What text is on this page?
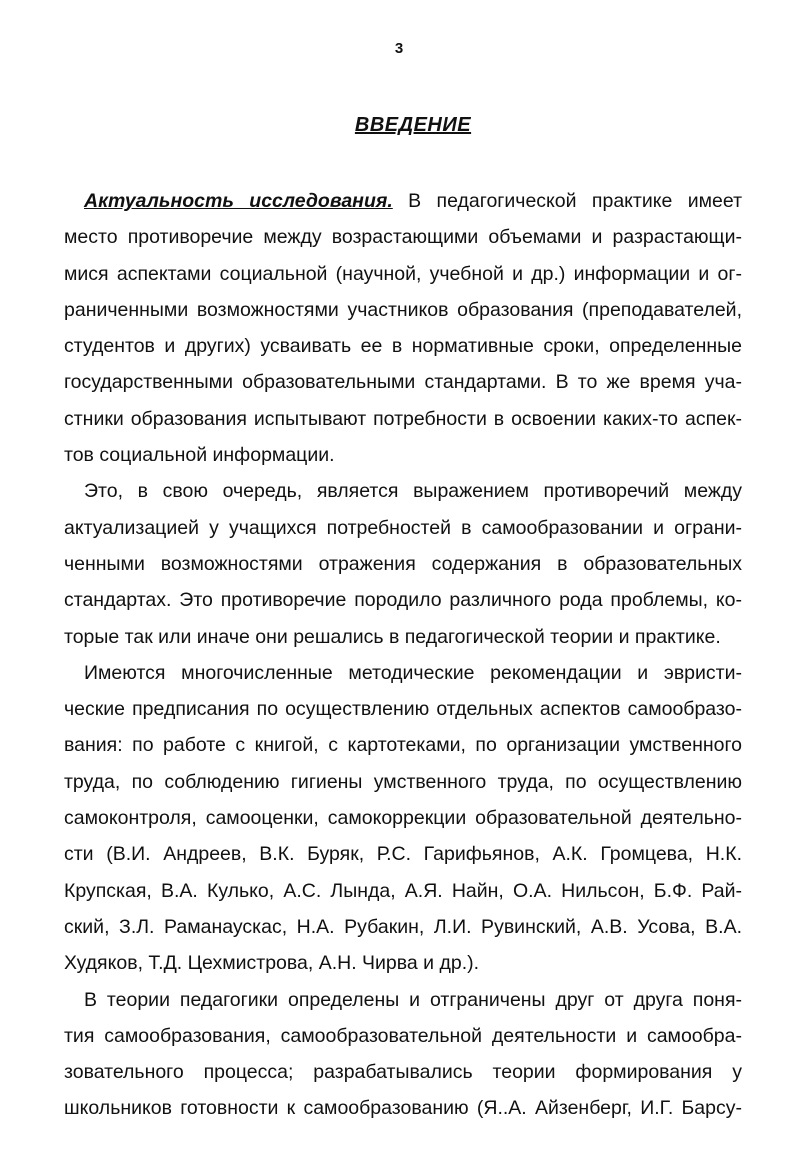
3
ВВЕДЕНИЕ
Актуальность исследования. В педагогической практике имеет
место противоречие между возрастающими объемами и разрастающи-
мися аспектами социальной (научной, учебной и др.) информации и ог-
раниченными возможностями участников образования (преподавателей,
студентов и других) усваивать ее в нормативные сроки, определенные
государственными образовательными стандартами. В то же время уча-
стники образования испытывают потребности в освоении каких-то аспек-
тов социальной информации.
Это, в свою очередь, является выражением противоречий между
актуализацией у учащихся потребностей в самообразовании и ограни-
ченными возможностями отражения содержания в образовательных
стандартах. Это противоречие породило различного рода проблемы, ко-
торые так или иначе они решались в педагогической теории и практике.
Имеются многочисленные методические рекомендации и эвристи-
ческие предписания по осуществлению отдельных аспектов самообразо-
вания: по работе с книгой, с картотеками, по организации умственного
труда, по соблюдению гигиены умственного труда, по осуществлению
самоконтроля, самооценки, самокоррекции образовательной деятельно-
сти (В.И. Андреев, В.К. Буряк, Р.С. Гарифьянов, А.К. Громцева, Н.К.
Крупская, В.А. Кулько, А.С. Лында, А.Я. Найн, О.А. Нильсон, Б.Ф. Рай-
ский, З.Л. Раманаускас, Н.А. Рубакин, Л.И. Рувинский, А.В. Усова, В.А.
Худяков, Т.Д. Цехмистрова, А.Н. Чирва и др.).
В теории педагогики определены и отграничены друг от друга поня-
тия самообразования, самообразовательной деятельности и самообра-
зовательного процесса; разрабатывались теории формирования у
школьников готовности к самообразованию (Я..А. Айзенберг, И.Г. Барсу-
